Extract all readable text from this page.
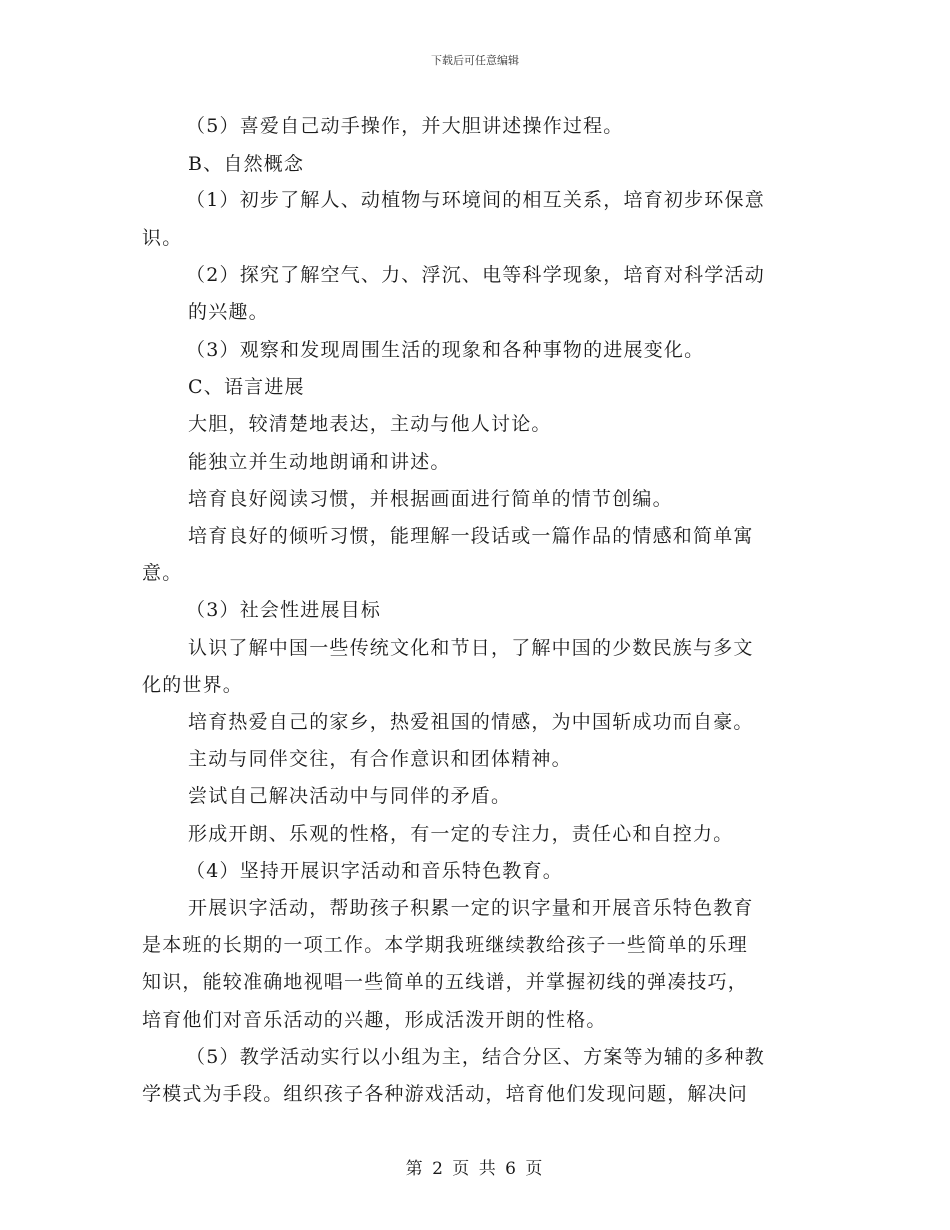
下载后可任意编辑
（5）喜爱自己动手操作，并大胆讲述操作过程。
B、自然概念
（1）初步了解人、动植物与环境间的相互关系，培育初步环保意
识。
（2）探究了解空气、力、浮沉、电等科学现象，培育对科学活动
的兴趣。
（3）观察和发现周围生活的现象和各种事物的进展变化。
C、语言进展
大胆，较清楚地表达，主动与他人讨论。
能独立并生动地朗诵和讲述。
培育良好阅读习惯，并根据画面进行简单的情节创编。
培育良好的倾听习惯，能理解一段话或一篇作品的情感和简单寓
意。
（3）社会性进展目标
认识了解中国一些传统文化和节日，了解中国的少数民族与多文
化的世界。
培育热爱自己的家乡，热爱祖国的情感，为中国斩成功而自豪。
主动与同伴交往，有合作意识和团体精神。
尝试自己解决活动中与同伴的矛盾。
形成开朗、乐观的性格，有一定的专注力，责任心和自控力。
（4）坚持开展识字活动和音乐特色教育。
开展识字活动，帮助孩子积累一定的识字量和开展音乐特色教育
是本班的长期的一项工作。本学期我班继续教给孩子一些简单的乐理
知识，能较准确地视唱一些简单的五线谱，并掌握初线的弹凑技巧，
培育他们对音乐活动的兴趣，形成活泼开朗的性格。
（5）教学活动实行以小组为主，结合分区、方案等为辅的多种教
学模式为手段。组织孩子各种游戏活动，培育他们发现问题，解决问
第 2 页 共 6 页
